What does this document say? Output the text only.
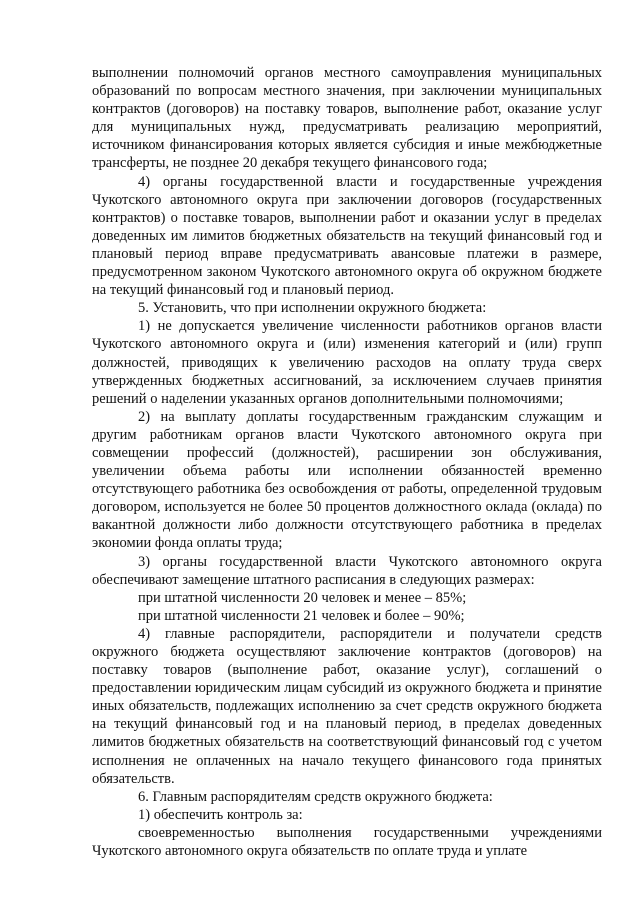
выполнении полномочий органов местного самоуправления муниципальных образований по вопросам местного значения, при заключении муниципальных контрактов (договоров) на поставку товаров, выполнение работ, оказание услуг для муниципальных нужд, предусматривать реализацию мероприятий, источником финансирования которых является субсидия и иные межбюджетные трансферты, не позднее 20 декабря текущего финансового года;

4) органы государственной власти и государственные учреждения Чукотского автономного округа при заключении договоров (государственных контрактов) о поставке товаров, выполнении работ и оказании услуг в пределах доведенных им лимитов бюджетных обязательств на текущий финансовый год и плановый период вправе предусматривать авансовые платежи в размере, предусмотренном законом Чукотского автономного округа об окружном бюджете на текущий финансовый год и плановый период.

5. Установить, что при исполнении окружного бюджета:

1) не допускается увеличение численности работников органов власти Чукотского автономного округа и (или) изменения категорий и (или) групп должностей, приводящих к увеличению расходов на оплату труда сверх утвержденных бюджетных ассигнований, за исключением случаев принятия решений о наделении указанных органов дополнительными полномочиями;

2) на выплату доплаты государственным гражданским служащим и другим работникам органов власти Чукотского автономного округа при совмещении профессий (должностей), расширении зон обслуживания, увеличении объема работы или исполнении обязанностей временно отсутствующего работника без освобождения от работы, определенной трудовым договором, используется не более 50 процентов должностного оклада (оклада) по вакантной должности либо должности отсутствующего работника в пределах экономии фонда оплаты труда;

3) органы государственной власти Чукотского автономного округа обеспечивают замещение штатного расписания в следующих размерах:

при штатной численности 20 человек и менее – 85%;

при штатной численности 21 человек и более – 90%;

4) главные распорядители, распорядители и получатели средств окружного бюджета осуществляют заключение контрактов (договоров) на поставку товаров (выполнение работ, оказание услуг), соглашений о предоставлении юридическим лицам субсидий из окружного бюджета и принятие иных обязательств, подлежащих исполнению за счет средств окружного бюджета на текущий финансовый год и на плановый период, в пределах доведенных лимитов бюджетных обязательств на соответствующий финансовый год с учетом исполнения не оплаченных на начало текущего финансового года принятых обязательств.

6. Главным распорядителям средств окружного бюджета:

1) обеспечить контроль за:

своевременностью выполнения государственными учреждениями Чукотского автономного округа обязательств по оплате труда и уплате
